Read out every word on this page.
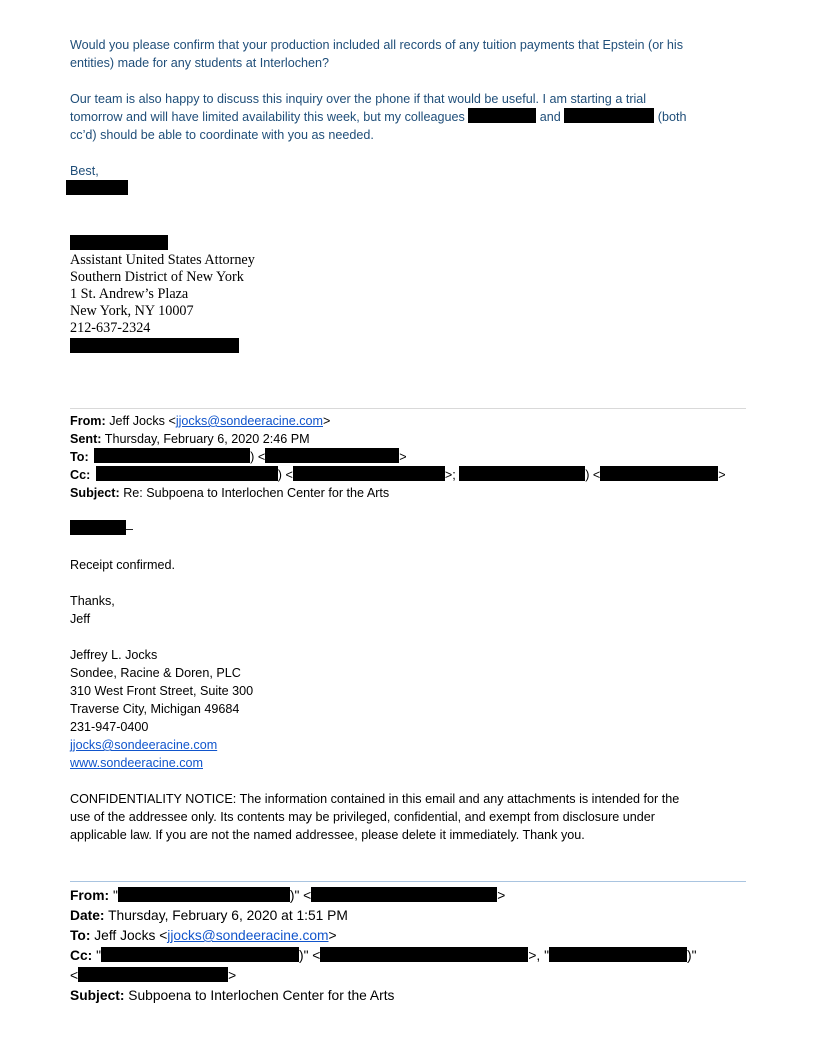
Would you please confirm that your production included all records of any tuition payments that Epstein (or his
entities) made for any students at Interlochen?
Our team is also happy to discuss this inquiry over the phone if that would be useful. I am starting a trial
tomorrow and will have limited availability this week, but my colleagues	and	(both
cc’d) should be able to coordinate with you as needed.
Best,
Assistant United States Attorney
Southern District of New York
1 St. Andrew’s Plaza
New York, NY 10007
212-637-2324
From: Jeff Jocks <jjocks@sondeeracine.com>
Sent: Thursday, February 6, 2020 2:46 PM
To:	) <	>
Cc:	) <	>;	) <	>
Subject: Re: Subpoena to Interlochen Center for the Arts
–
Receipt confirmed.
Thanks,
Jeff
Jeffrey L. Jocks
Sondee, Racine & Doren, PLC
310 West Front Street, Suite 300
Traverse City, Michigan 49684
231-947-0400
jjocks@sondeeracine.com
www.sondeeracine.com
CONFIDENTIALITY NOTICE: The information contained in this email and any attachments is intended for the
use of the addressee only. Its contents may be privileged, confidential, and exempt from disclosure under
applicable law. If you are not the named addressee, please delete it immediately. Thank you.
From: "	)" <	>
Date: Thursday, February 6, 2020 at 1:51 PM
To: Jeff Jocks <jjocks@sondeeracine.com>
Cc: "	)" <	>, "	)"
<	>
Subject: Subpoena to Interlochen Center for the Arts
